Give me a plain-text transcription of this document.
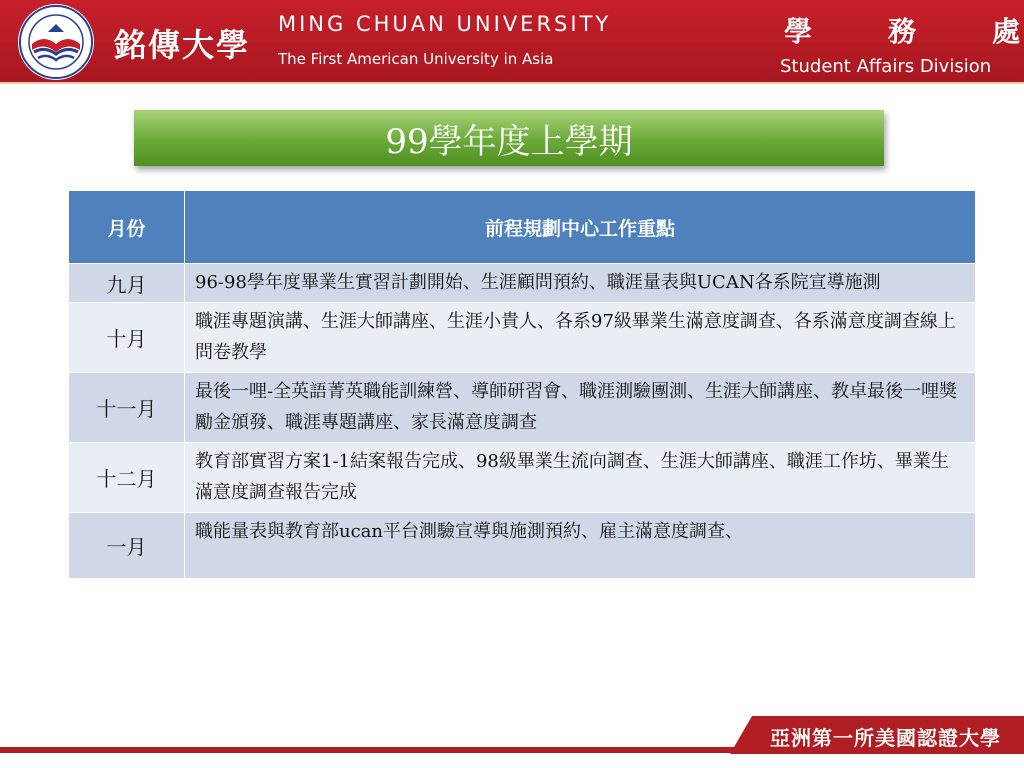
銘傳大學
MING CHUAN UNIVERSITY
The First American University in Asia
學	務	處
Student Affairs Division
99學年度上學期
月份	前程規劃中心工作重點
九月	96-98學年度畢業生實習計劃開始、生涯顧問預約、職涯量表與UCAN各系院宣導施測
十月	職涯專題演講、生涯大師講座、生涯小貴人、各系97級畢業生滿意度調查、各系滿意度調查線上問卷教學
十一月	最後一哩-全英語菁英職能訓練營、導師研習會、職涯測驗團測、生涯大師講座、教卓最後一哩獎勵金頒發、職涯專題講座、家長滿意度調查
十二月	教育部實習方案1-1結案報告完成、98級畢業生流向調查、生涯大師講座、職涯工作坊、畢業生滿意度調查報告完成
一月	職能量表與教育部ucan平台測驗宣導與施測預約、雇主滿意度調查、
亞洲第一所美國認證大學
